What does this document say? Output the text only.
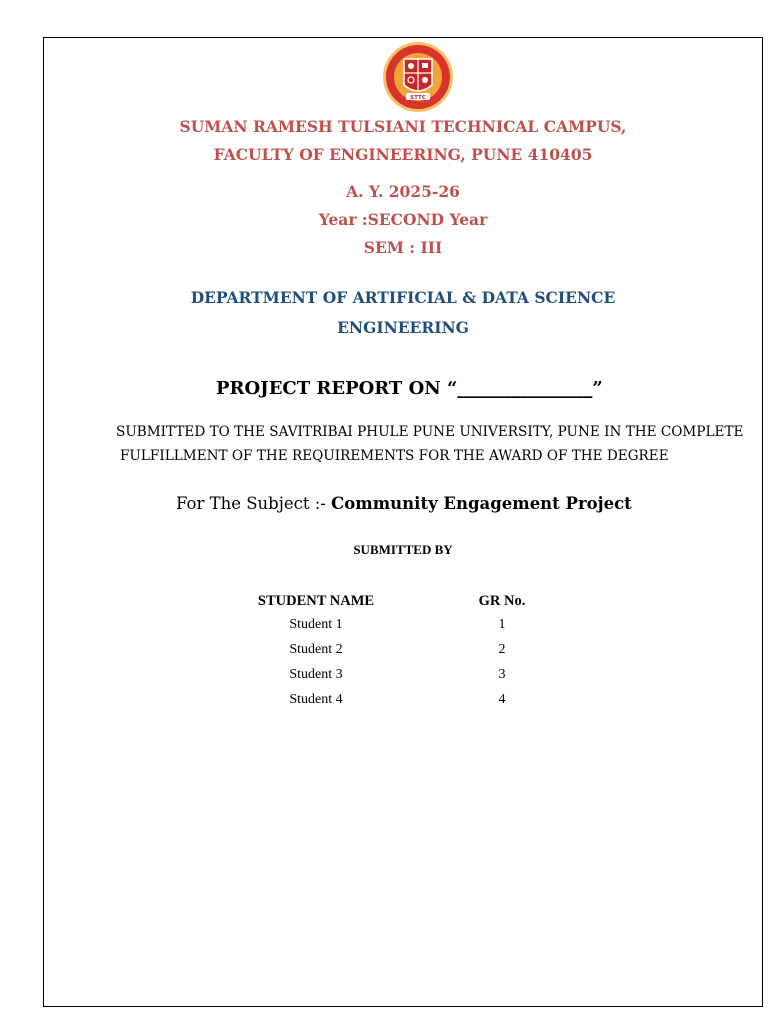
STTC
SUMAN RAMESH TULSIANI TECHNICAL CAMPUS,
FACULTY OF ENGINEERING, PUNE 410405
A. Y. 2025-26
Year :SECOND Year
SEM : III
DEPARTMENT OF ARTIFICIAL & DATA SCIENCE
ENGINEERING
PROJECT REPORT ON “_______________”
SUBMITTED TO THE SAVITRIBAI PHULE PUNE UNIVERSITY, PUNE IN THE COMPLETE
FULFILLMENT OF THE REQUIREMENTS FOR THE AWARD OF THE DEGREE
For The Subject :- Community Engagement Project
SUBMITTED BY
STUDENT NAME	GR No.
Student 1	1
Student 2	2
Student 3	3
Student 4	4
